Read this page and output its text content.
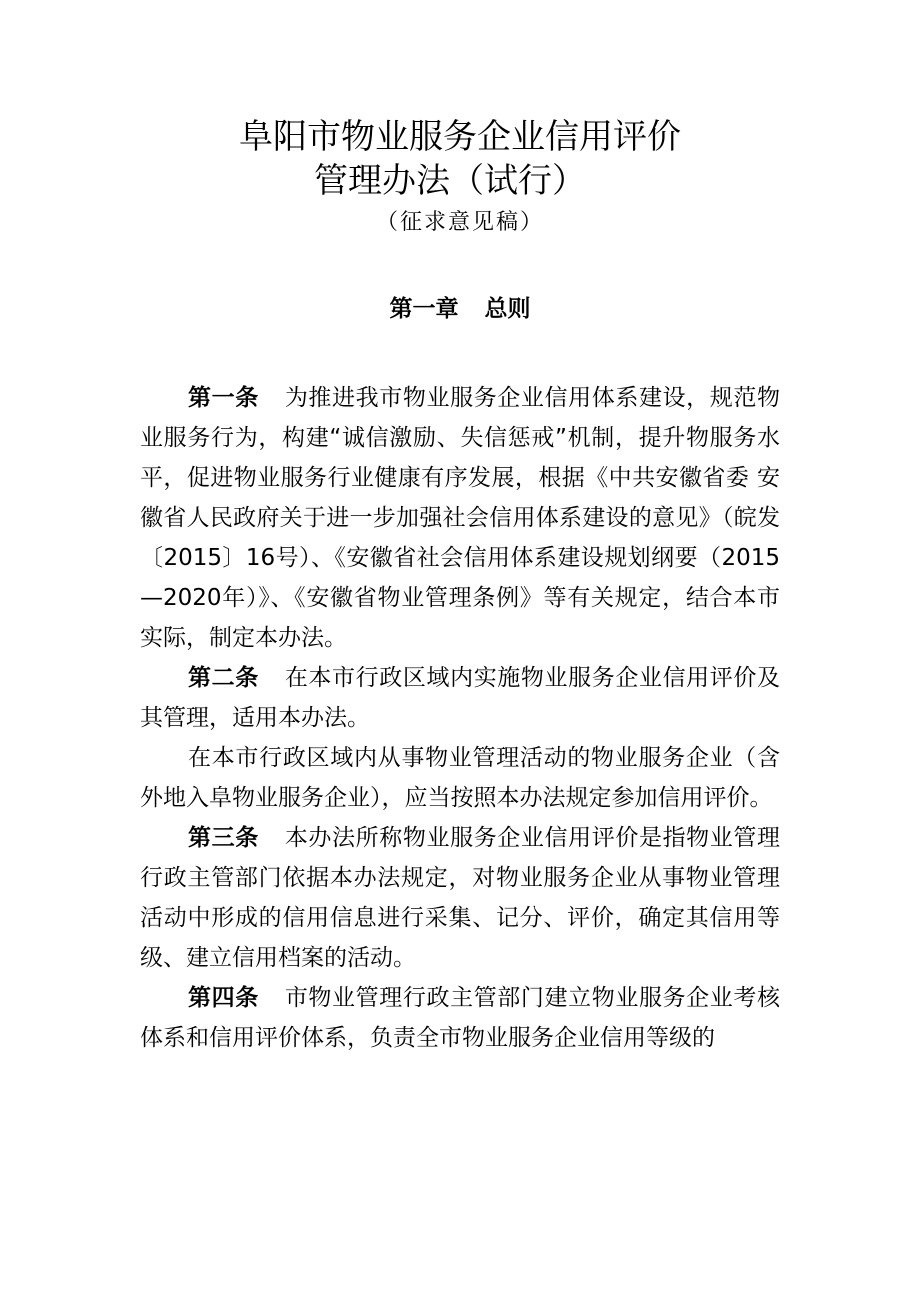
阜阳市物业服务企业信用评价
管理办法（试行）
（征求意见稿）
第一章 总则

第一条 为推进我市物业服务企业信用体系建设，规范物业服务行为，构建“诚信激励、失信惩戒”机制，提升物服务水平，促进物业服务行业健康有序发展，根据《中共安徽省委 安徽省人民政府关于进一步加强社会信用体系建设的意见》（皖发〔2015〕16号）、《安徽省社会信用体系建设规划纲要（2015—2020年）》、《安徽省物业管理条例》等有关规定，结合本市实际，制定本办法。

第二条 在本市行政区域内实施物业服务企业信用评价及其管理，适用本办法。

在本市行政区域内从事物业管理活动的物业服务企业（含外地入阜物业服务企业），应当按照本办法规定参加信用评价。

第三条 本办法所称物业服务企业信用评价是指物业管理行政主管部门依据本办法规定，对物业服务企业从事物业管理活动中形成的信用信息进行采集、记分、评价，确定其信用等级、建立信用档案的活动。

第四条 市物业管理行政主管部门建立物业服务企业考核体系和信用评价体系，负责全市物业服务企业信用等级的
